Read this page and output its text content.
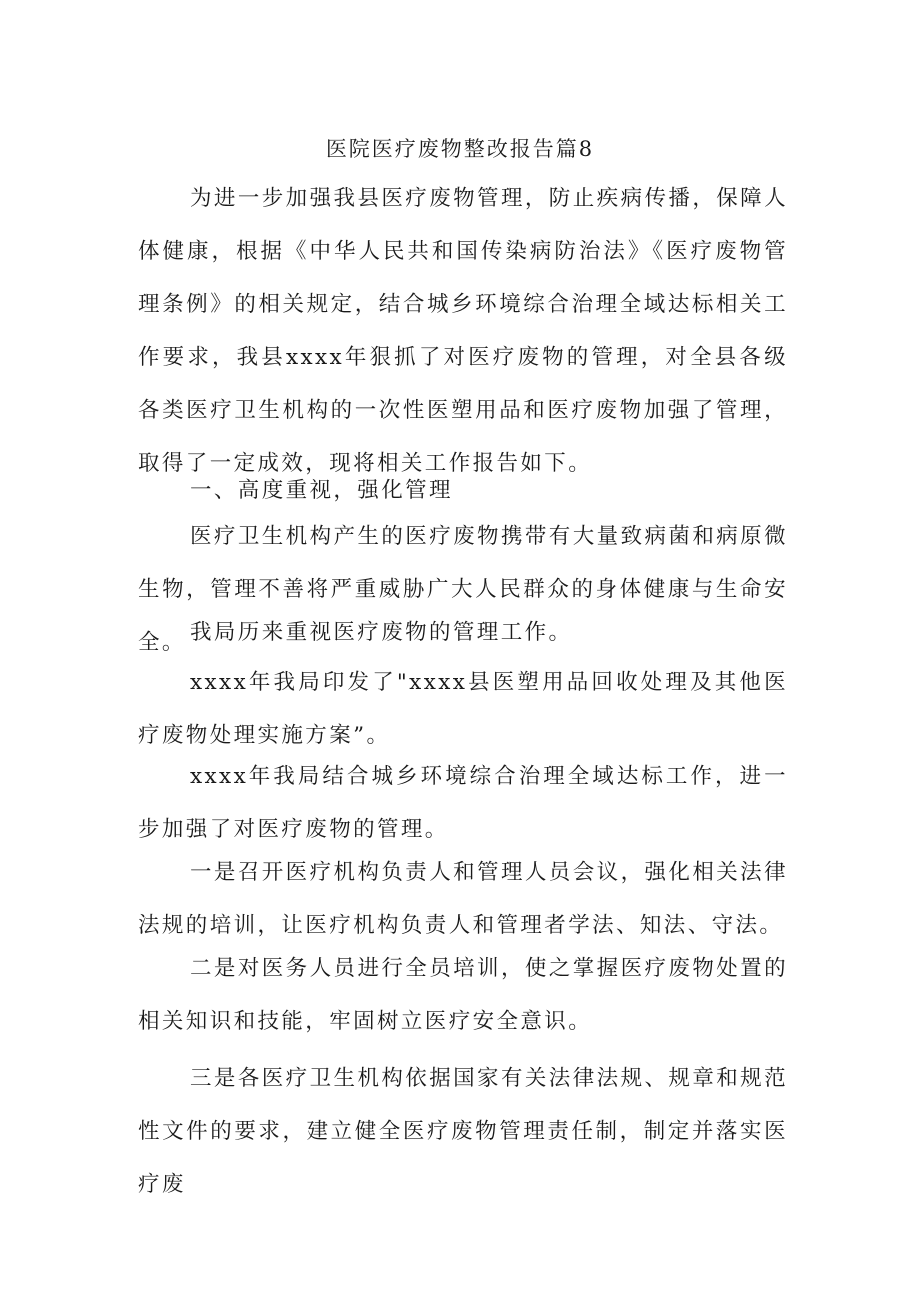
医院医疗废物整改报告篇8

为进一步加强我县医疗废物管理，防止疾病传播，保障人体健康，根据《中华人民共和国传染病防治法》《医疗废物管理条例》的相关规定，结合城乡环境综合治理全域达标相关工作要求，我县xxxx年狠抓了对医疗废物的管理，对全县各级各类医疗卫生机构的一次性医塑用品和医疗废物加强了管理，取得了一定成效，现将相关工作报告如下。

一、高度重视，强化管理

医疗卫生机构产生的医疗废物携带有大量致病菌和病原微生物，管理不善将严重威胁广大人民群众的身体健康与生命安全。 我局历来重视医疗废物的管理工作。

xxxx年我局印发了"xxxx县医塑用品回收处理及其他医疗废物处理实施方案”。

xxxx年我局结合城乡环境综合治理全域达标工作，进一步加强了对医疗废物的管理。

一是召开医疗机构负责人和管理人员会议，强化相关法律法规的培训，让医疗机构负责人和管理者学法、知法、守法。

二是对医务人员进行全员培训，使之掌握医疗废物处置的相关知识和技能，牢固树立医疗安全意识。

三是各医疗卫生机构依据国家有关法律法规、规章和规范性文件的要求，建立健全医疗废物管理责任制，制定并落实医疗废
